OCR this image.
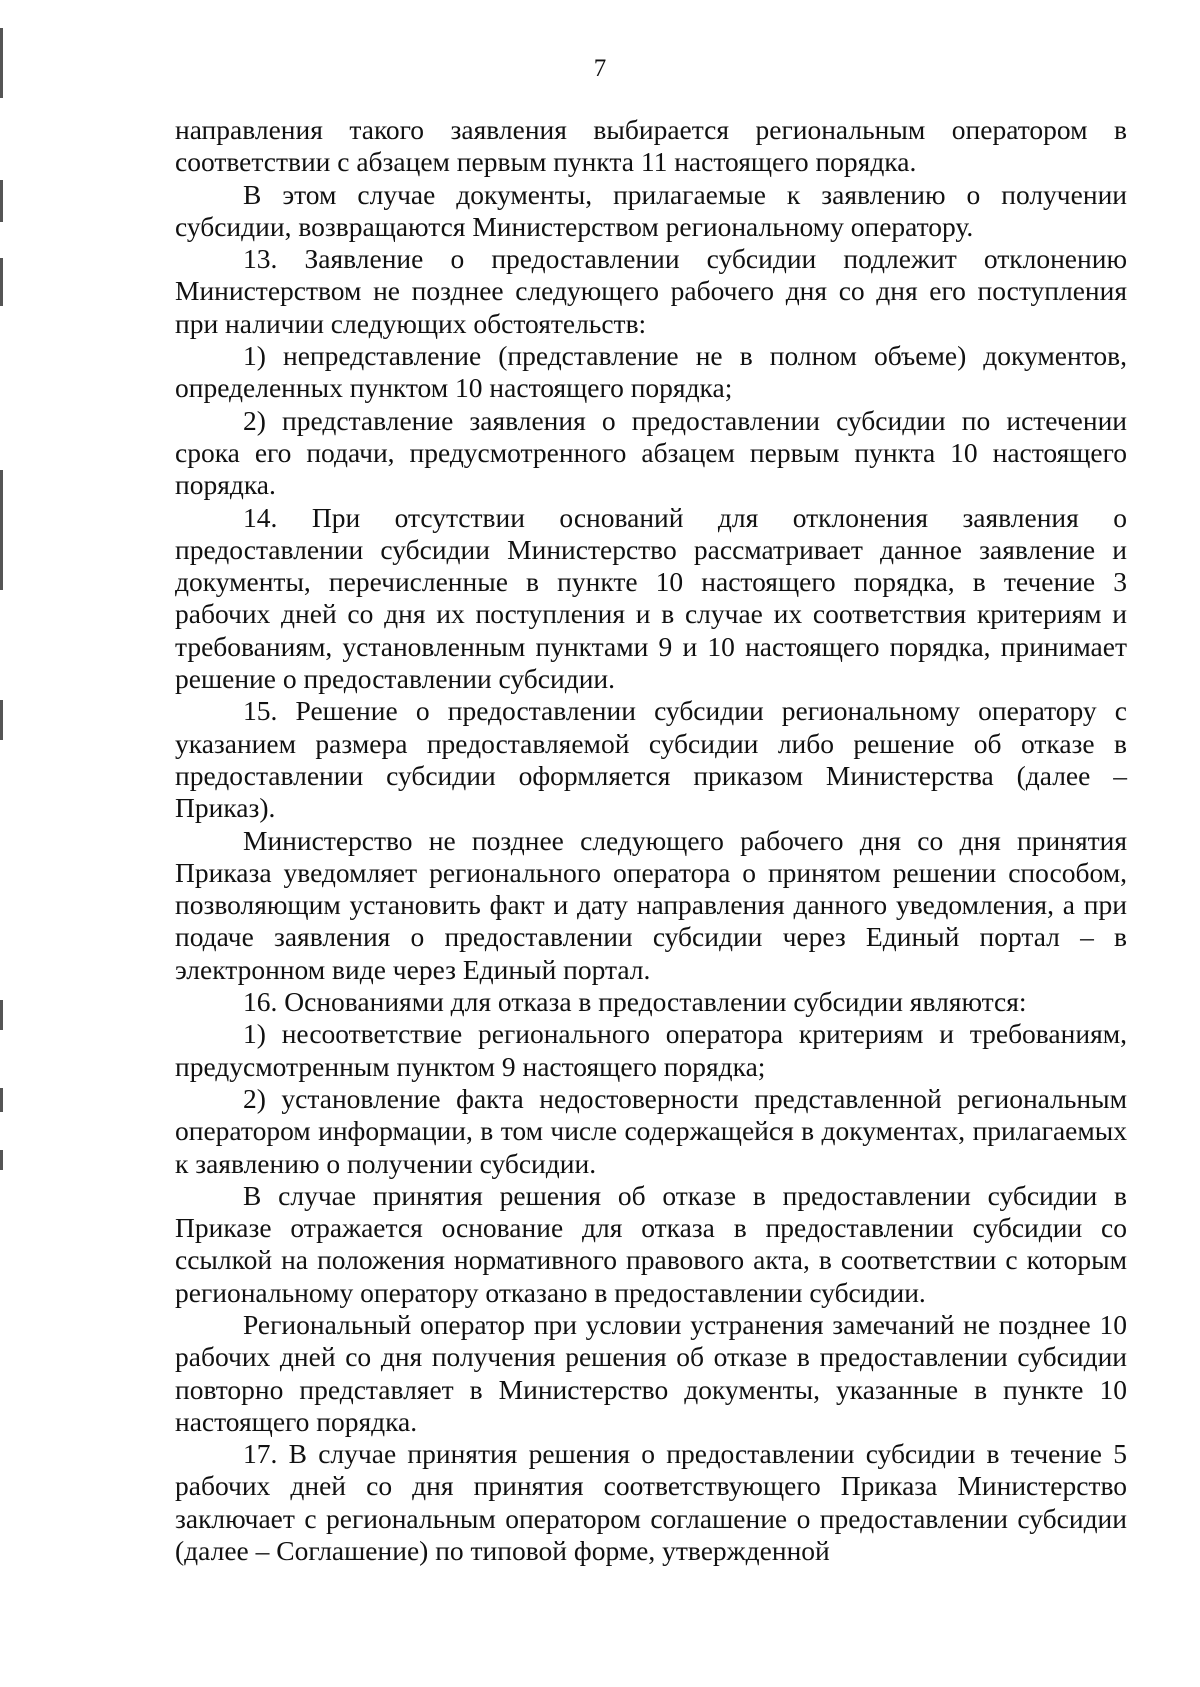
7

направления такого заявления выбирается региональным оператором в соответствии с абзацем первым пункта 11 настоящего порядка.

В этом случае документы, прилагаемые к заявлению о получении субсидии, возвращаются Министерством региональному оператору.

13. Заявление о предоставлении субсидии подлежит отклонению Министерством не позднее следующего рабочего дня со дня его поступления при наличии следующих обстоятельств:

1) непредставление (представление не в полном объеме) документов, определенных пунктом 10 настоящего порядка;

2) представление заявления о предоставлении субсидии по истечении срока его подачи, предусмотренного абзацем первым пункта 10 настоящего порядка.

14. При отсутствии оснований для отклонения заявления о предоставлении субсидии Министерство рассматривает данное заявление и документы, перечисленные в пункте 10 настоящего порядка, в течение 3 рабочих дней со дня их поступления и в случае их соответствия критериям и требованиям, установленным пунктами 9 и 10 настоящего порядка, принимает решение о предоставлении субсидии.

15. Решение о предоставлении субсидии региональному оператору с указанием размера предоставляемой субсидии либо решение об отказе в предоставлении субсидии оформляется приказом Министерства (далее – Приказ).

Министерство не позднее следующего рабочего дня со дня принятия Приказа уведомляет регионального оператора о принятом решении способом, позволяющим установить факт и дату направления данного уведомления, а при подаче заявления о предоставлении субсидии через Единый портал – в электронном виде через Единый портал.

16. Основаниями для отказа в предоставлении субсидии являются:

1) несоответствие регионального оператора критериям и требованиям, предусмотренным пунктом 9 настоящего порядка;

2) установление факта недостоверности представленной региональным оператором информации, в том числе содержащейся в документах, прилагаемых к заявлению о получении субсидии.

В случае принятия решения об отказе в предоставлении субсидии в Приказе отражается основание для отказа в предоставлении субсидии со ссылкой на положения нормативного правового акта, в соответствии с которым региональному оператору отказано в предоставлении субсидии.

Региональный оператор при условии устранения замечаний не позднее 10 рабочих дней со дня получения решения об отказе в предоставлении субсидии повторно представляет в Министерство документы, указанные в пункте 10 настоящего порядка.

17. В случае принятия решения о предоставлении субсидии в течение 5 рабочих дней со дня принятия соответствующего Приказа Министерство заключает с региональным оператором соглашение о предоставлении субсидии (далее – Соглашение) по типовой форме, утвержденной
